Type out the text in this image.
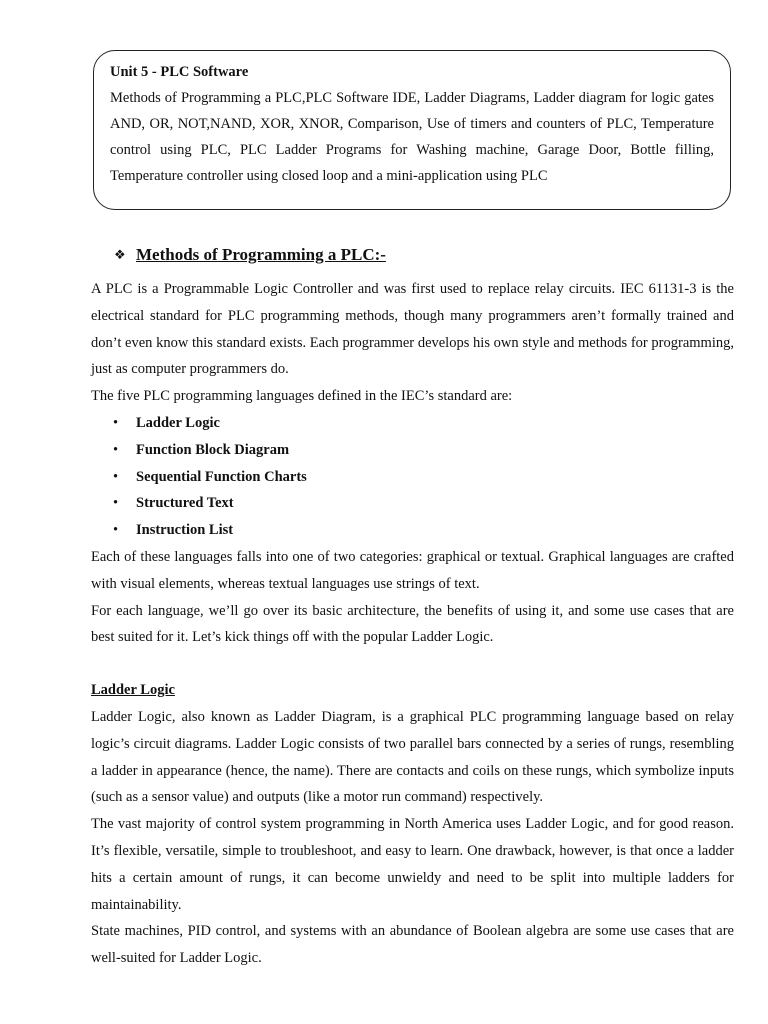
Unit 5 - PLC Software

Methods of Programming a PLC,PLC Software IDE, Ladder Diagrams, Ladder diagram for logic gates AND, OR, NOT,NAND, XOR, XNOR, Comparison, Use of timers and counters of PLC, Temperature control using PLC, PLC Ladder Programs for Washing machine, Garage Door, Bottle filling, Temperature controller using closed loop and a mini-application using PLC

❖ Methods of Programming a PLC:-

A PLC is a Programmable Logic Controller and was first used to replace relay circuits. IEC 61131-3 is the electrical standard for PLC programming methods, though many programmers aren’t formally trained and don’t even know this standard exists. Each programmer develops his own style and methods for programming, just as computer programmers do.

The five PLC programming languages defined in the IEC’s standard are:

• Ladder Logic
• Function Block Diagram
• Sequential Function Charts
• Structured Text
• Instruction List

Each of these languages falls into one of two categories: graphical or textual. Graphical languages are crafted with visual elements, whereas textual languages use strings of text.

For each language, we’ll go over its basic architecture, the benefits of using it, and some use cases that are best suited for it. Let’s kick things off with the popular Ladder Logic.

Ladder Logic

Ladder Logic, also known as Ladder Diagram, is a graphical PLC programming language based on relay logic’s circuit diagrams. Ladder Logic consists of two parallel bars connected by a series of rungs, resembling a ladder in appearance (hence, the name). There are contacts and coils on these rungs, which symbolize inputs (such as a sensor value) and outputs (like a motor run command) respectively.

The vast majority of control system programming in North America uses Ladder Logic, and for good reason. It’s flexible, versatile, simple to troubleshoot, and easy to learn. One drawback, however, is that once a ladder hits a certain amount of rungs, it can become unwieldy and need to be split into multiple ladders for maintainability.

State machines, PID control, and systems with an abundance of Boolean algebra are some use cases that are well-suited for Ladder Logic.
